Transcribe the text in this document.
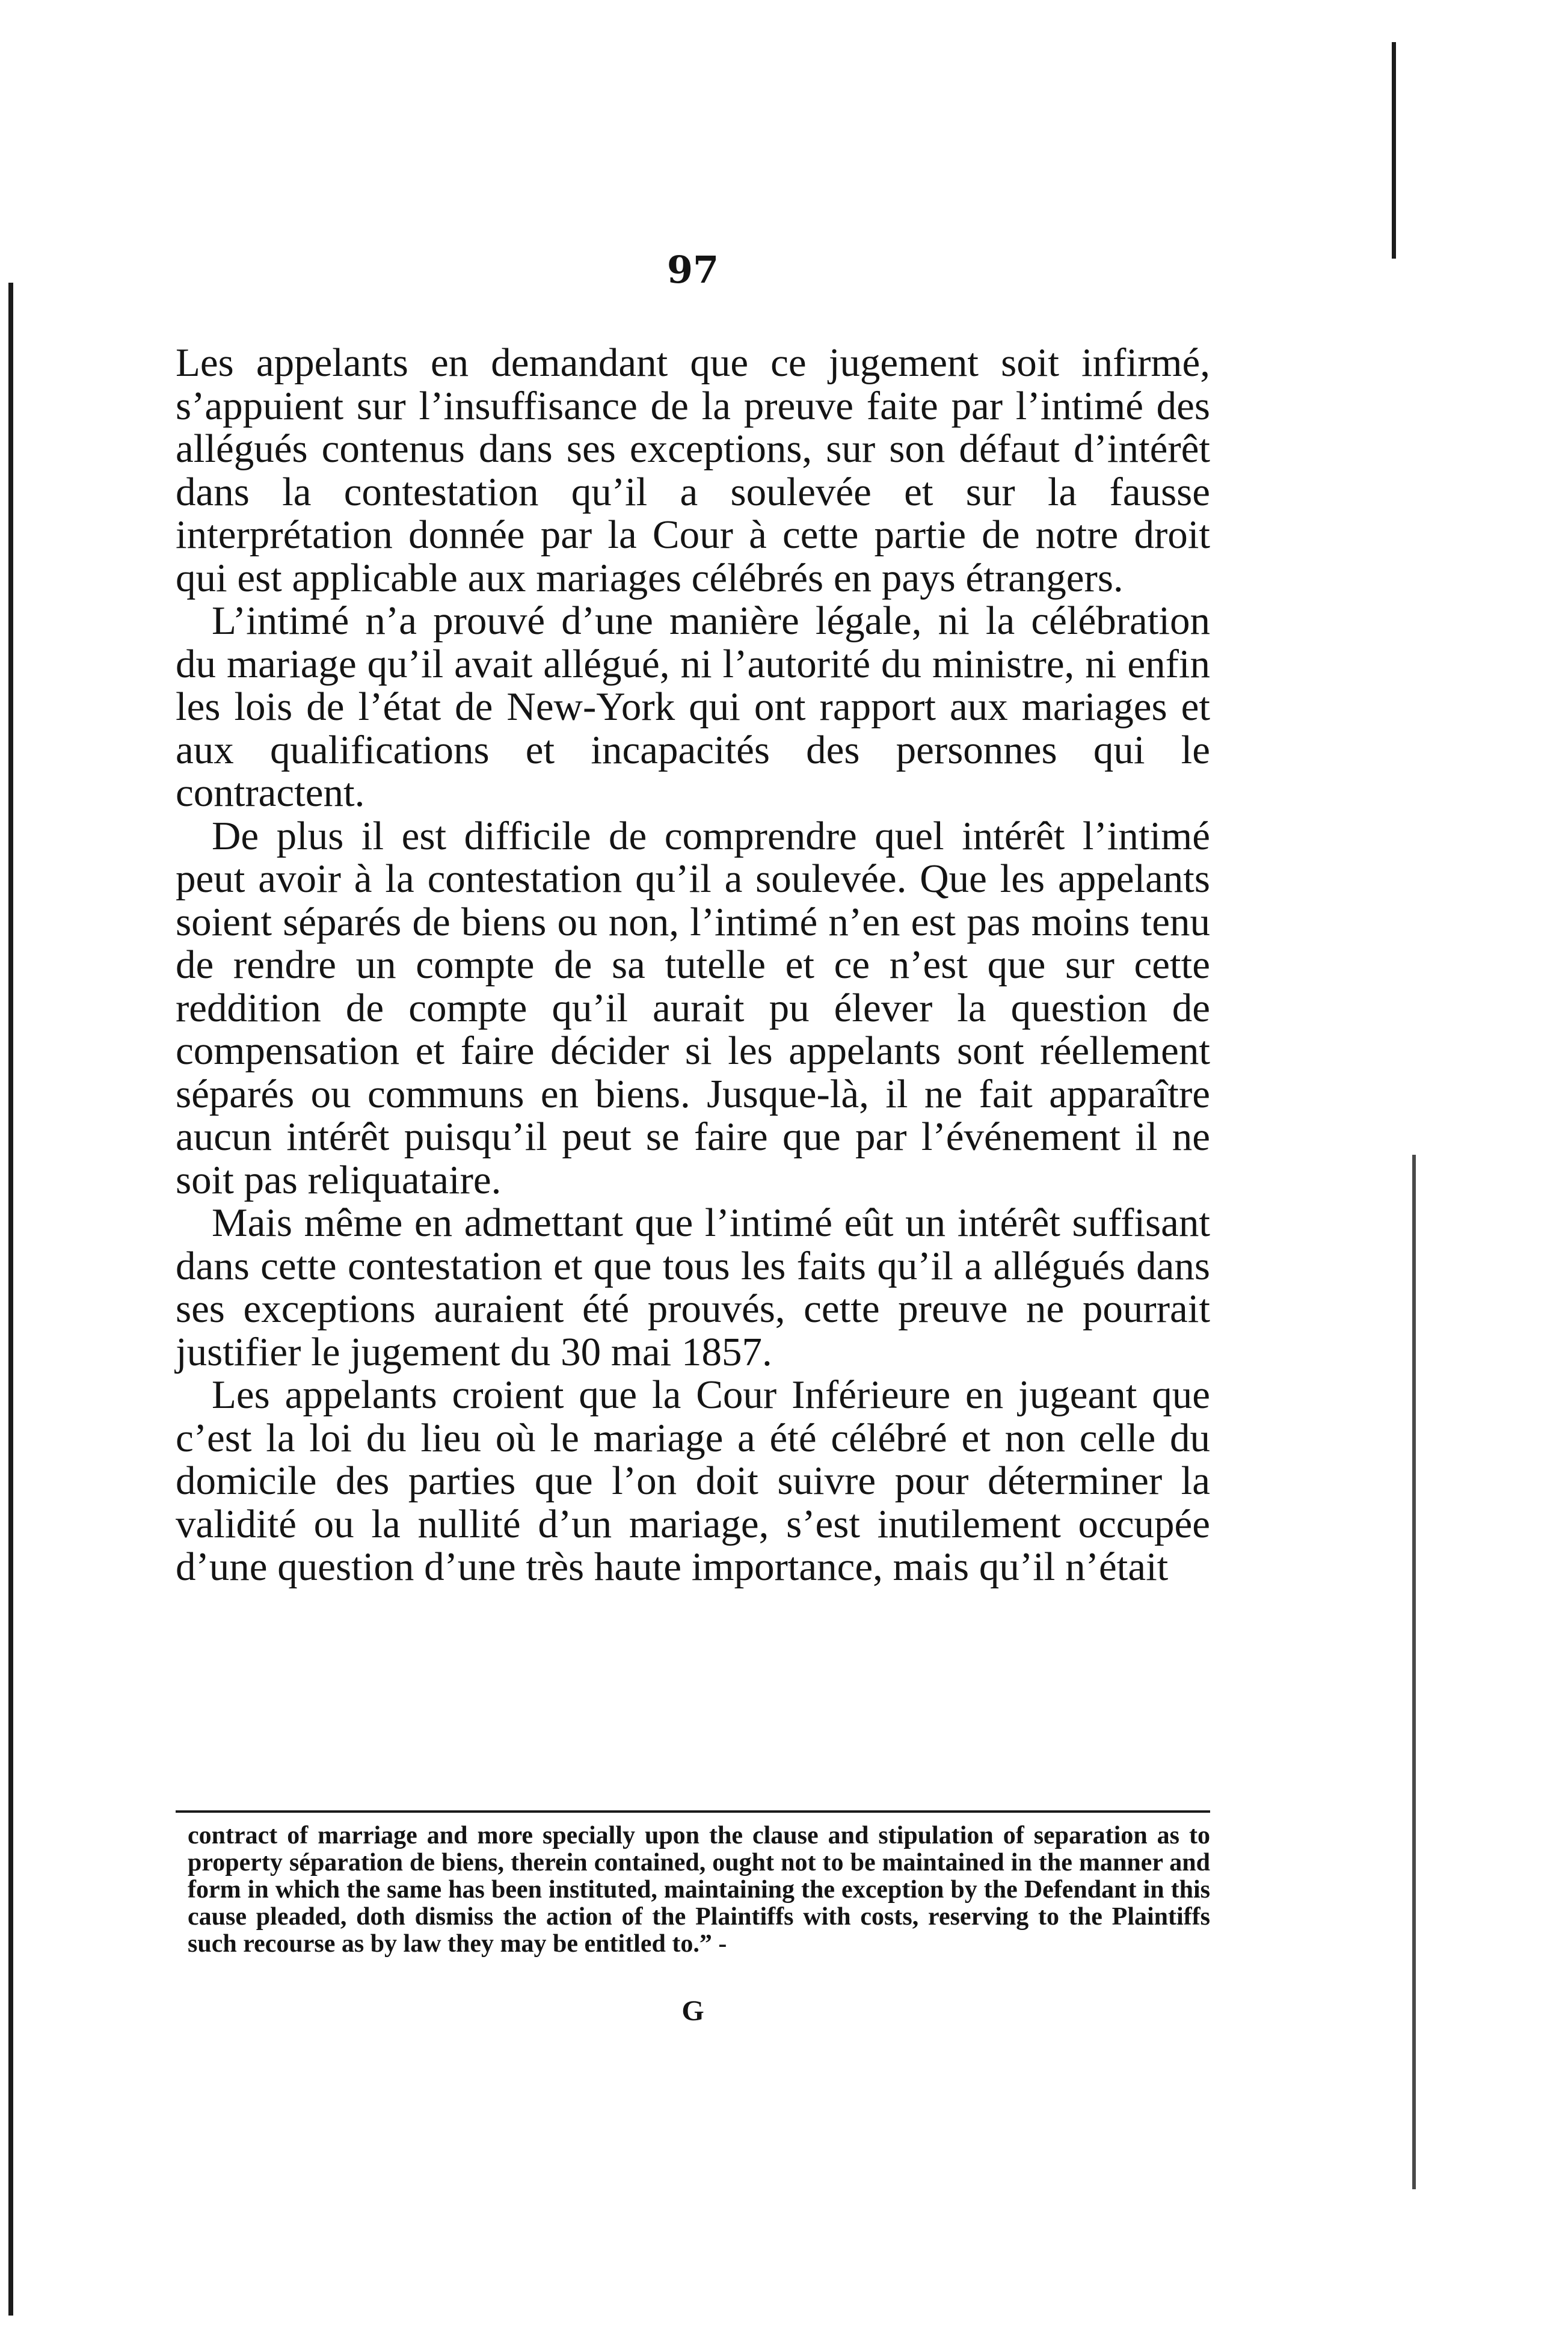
97

Les appelants en demandant que ce jugement soit infirmé, s’appuient sur l’insuffisance de la preuve faite par l’intimé des allégués contenus dans ses exceptions, sur son défaut d’intérêt dans la contestation qu’il a soulevée et sur la fausse interprétation donnée par la Cour à cette partie de notre droit qui est applicable aux mariages célébrés en pays étrangers.

L’intimé n’a prouvé d’une manière légale, ni la célébration du mariage qu’il avait allégué, ni l’autorité du ministre, ni enfin les lois de l’état de New-York qui ont rapport aux mariages et aux qualifications et incapacités des personnes qui le contractent.

De plus il est difficile de comprendre quel intérêt l’intimé peut avoir à la contestation qu’il a soulevée. Que les appelants soient séparés de biens ou non, l’intimé n’en est pas moins tenu de rendre un compte de sa tutelle et ce n’est que sur cette reddition de compte qu’il aurait pu élever la question de compensation et faire décider si les appelants sont réellement séparés ou communs en biens. Jusque-là, il ne fait apparaître aucun intérêt puisqu’il peut se faire que par l’événement il ne soit pas reliquataire.

Mais même en admettant que l’intimé eût un intérêt suffisant dans cette contestation et que tous les faits qu’il a allégués dans ses exceptions auraient été prouvés, cette preuve ne pourrait justifier le jugement du 30 mai 1857.

Les appelants croient que la Cour Inférieure en jugeant que c’est la loi du lieu où le mariage a été célébré et non celle du domicile des parties que l’on doit suivre pour déterminer la validité ou la nullité d’un mariage, s’est inutilement occupée d’une question d’une très haute importance, mais qu’il n’était

contract of marriage and more specially upon the clause and stipulation of separation as to property séparation de biens, therein contained, ought not to be maintained in the manner and form in which the same has been instituted, maintaining the exception by the Defendant in this cause pleaded, doth dismiss the action of the Plaintiffs with costs, reserving to the Plaintiffs such recourse as by law they may be entitled to.” -

G
